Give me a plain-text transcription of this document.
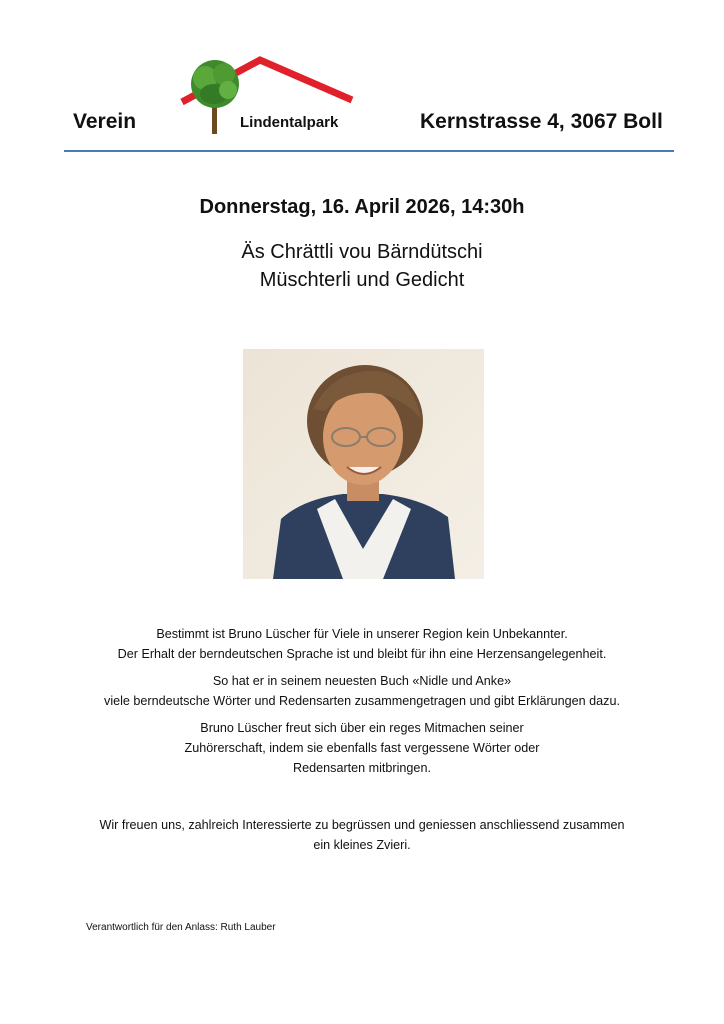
Verein	Lindentalpark	Kernstrasse 4, 3067 Boll
Donnerstag, 16. April 2026, 14:30h
Äs Chrättli vou Bärndütschi
Müschterli und Gedicht
Bestimmt ist Bruno Lüscher für Viele in unserer Region kein Unbekannter.
Der Erhalt der berndeutschen Sprache ist und bleibt für ihn eine Herzensangelegenheit.
So hat er in seinem neuesten Buch «Nidle und Anke»
viele berndeutsche Wörter und Redensarten zusammengetragen und gibt Erklärungen dazu.
Bruno Lüscher freut sich über ein reges Mitmachen seiner
Zuhörerschaft, indem sie ebenfalls fast vergessene Wörter oder
Redensarten mitbringen.
Wir freuen uns, zahlreich Interessierte zu begrüssen und geniessen anschliessend zusammen
ein kleines Zvieri.
Verantwortlich für den Anlass: Ruth Lauber
